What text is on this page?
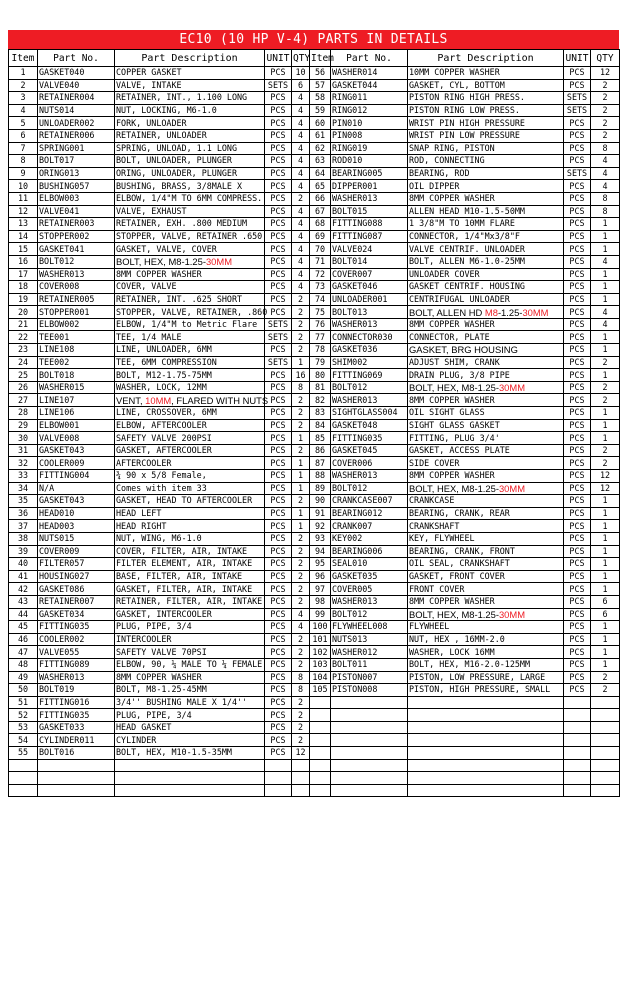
EC10 (10 HP V-4) PARTS IN DETAILS
Item	Part No.	Part Description	UNIT	QTY	Item	Part No.	Part Description	UNIT	QTY
1	GASKET040	COPPER GASKET	PCS	10	56	WASHER014	10MM COPPER WASHER	PCS	12
2	VALVE040	VALVE, INTAKE	SETS	6	57	GASKET044	GASKET, CYL, BOTTOM	PCS	2
3	RETAINER004	RETAINER, INT., 1.100 LONG	PCS	4	58	RING011	PISTON RING HIGH PRESS.	SETS	2
4	NUTS014	NUT, LOCKING, M6-1.0	PCS	4	59	RING012	PISTON RING LOW PRESS.	SETS	2
5	UNLOADER002	FORK, UNLOADER	PCS	4	60	PIN010	WRIST PIN HIGH PRESSURE	PCS	2
6	RETAINER006	RETAINER, UNLOADER	PCS	4	61	PIN008	WRIST PIN LOW PRESSURE	PCS	2
7	SPRING001	SPRING, UNLOAD, 1.1 LONG	PCS	4	62	RING019	SNAP RING, PISTON	PCS	8
8	BOLT017	BOLT, UNLOADER, PLUNGER	PCS	4	63	ROD010	ROD, CONNECTING	PCS	4
9	ORING013	ORING, UNLOADER, PLUNGER	PCS	4	64	BEARING005	BEARING, ROD	SETS	4
10	BUSHING057	BUSHING, BRASS, 3/8MALE X	PCS	4	65	DIPPER001	OIL DIPPER	PCS	4
11	ELBOW003	ELBOW, 1/4"M TO 6MM COMPRESS.	PCS	2	66	WASHER013	8MM COPPER WASHER	PCS	8
12	VALVE041	VALVE, EXHAUST	PCS	4	67	BOLT015	ALLEN HEAD M10-1.5-50MM	PCS	8
13	RETAINER003	RETAINER, EXH. .800 MEDIUM	PCS	4	68	FITTING088	1 3/8"M TO 10MM FLARE	PCS	1
14	STOPPER002	STOPPER, VALVE, RETAINER .650	PCS	4	69	FITTING087	CONNECTOR, 1/4"Mx3/8"F	PCS	1
15	GASKET041	GASKET, VALVE, COVER	PCS	4	70	VALVE024	VALVE CENTRIF. UNLOADER	PCS	1
16	BOLT012	BOLT, HEX, M8-1.25-30MM	PCS	4	71	BOLT014	BOLT, ALLEN M6-1.0-25MM	PCS	4
17	WASHER013	8MM COPPER WASHER	PCS	4	72	COVER007	UNLOADER COVER	PCS	1
18	COVER008	COVER, VALVE	PCS	4	73	GASKET046	GASKET CENTRIF. HOUSING	PCS	1
19	RETAINER005	RETAINER, INT. .625 SHORT	PCS	2	74	UNLOADER001	CENTRIFUGAL UNLOADER	PCS	1
20	STOPPER001	STOPPER, VALVE, RETAINER, .860	PCS	2	75	BOLT013	BOLT, ALLEN HD M8-1.25-30MM	PCS	4
21	ELBOW002	ELBOW, 1/4"M to Metric Flare	SETS	2	76	WASHER013	8MM COPPER WASHER	PCS	4
22	TEE001	TEE, 1/4 MALE	SETS	2	77	CONNECTOR030	CONNECTOR, PLATE	PCS	1
23	LINE108	LINE, UNLOADER, 6MM	PCS	2	78	GASKET036	GASKET, BRG HOUSING	PCS	1
24	TEE002	TEE, 6MM COMPRESSION	SETS	1	79	SHIM002	ADJUST SHIM, CRANK	PCS	2
25	BOLT018	BOLT, M12-1.75-75MM	PCS	16	80	FITTING069	DRAIN PLUG, 3/8 PIPE	PCS	1
26	WASHER015	WASHER, LOCK, 12MM	PCS	8	81	BOLT012	BOLT, HEX, M8-1.25-30MM	PCS	2
27	LINE107	VENT, 10MM, FLARED WITH NUTS	PCS	2	82	WASHER013	8MM COPPER WASHER	PCS	2
28	LINE106	LINE, CROSSOVER, 6MM	PCS	2	83	SIGHTGLASS004	OIL SIGHT GLASS	PCS	1
29	ELBOW001	ELBOW, AFTERCOOLER	PCS	2	84	GASKET048	SIGHT GLASS GASKET	PCS	1
30	VALVE008	SAFETY VALVE 200PSI	PCS	1	85	FITTING035	FITTING, PLUG 3/4'	PCS	1
31	GASKET043	GASKET, AFTERCOOLER	PCS	2	86	GASKET045	GASKET, ACCESS PLATE	PCS	2
32	COOLER009	AFTERCOOLER	PCS	1	87	COVER006	SIDE COVER	PCS	2
33	FITTING004	¾ 90 x 5/8 Female,	PCS	1	88	WASHER013	8MM COPPER WASHER	PCS	12
34	N/A	Comes with item 33	PCS	1	89	BOLT012	BOLT, HEX, M8-1.25-30MM	PCS	12
35	GASKET043	GASKET, HEAD TO AFTERCOOLER	PCS	2	90	CRANKCASE007	CRANKCASE	PCS	1
36	HEAD010	HEAD LEFT	PCS	1	91	BEARING012	BEARING, CRANK, REAR	PCS	1
37	HEAD003	HEAD RIGHT	PCS	1	92	CRANK007	CRANKSHAFT	PCS	1
38	NUTS015	NUT, WING, M6-1.0	PCS	2	93	KEY002	KEY, FLYWHEEL	PCS	1
39	COVER009	COVER, FILTER, AIR, INTAKE	PCS	2	94	BEARING006	BEARING, CRANK, FRONT	PCS	1
40	FILTER057	FILTER ELEMENT, AIR, INTAKE	PCS	2	95	SEAL010	OIL SEAL, CRANKSHAFT	PCS	1
41	HOUSING027	BASE, FILTER, AIR, INTAKE	PCS	2	96	GASKET035	GASKET, FRONT COVER	PCS	1
42	GASKET086	GASKET, FILTER, AIR, INTAKE	PCS	2	97	COVER005	FRONT COVER	PCS	1
43	RETAINER007	RETAINER, FILTER, AIR, INTAKE	PCS	2	98	WASHER013	8MM COPPER WASHER	PCS	6
44	GASKET034	GASKET, INTERCOOLER	PCS	4	99	BOLT012	BOLT, HEX, M8-1.25-30MM	PCS	6
45	FITTING035	PLUG, PIPE, 3/4	PCS	4	100	FLYWHEEL008	FLYWHEEL	PCS	1
46	COOLER002	INTERCOOLER	PCS	2	101	NUTS013	NUT, HEX , 16MM-2.0	PCS	1
47	VALVE055	SAFETY VALVE 70PSI	PCS	2	102	WASHER012	WASHER, LOCK 16MM	PCS	1
48	FITTING089	ELBOW, 90, ¼ MALE TO ¼ FEMALE	PCS	2	103	BOLT011	BOLT, HEX, M16-2.0-125MM	PCS	1
49	WASHER013	8MM COPPER WASHER	PCS	8	104	PISTON007	PISTON, LOW PRESSURE, LARGE	PCS	2
50	BOLT019	BOLT, M8-1.25-45MM	PCS	8	105	PISTON008	PISTON, HIGH PRESSURE, SMALL	PCS	2
51	FITTING016	3/4'' BUSHING MALE X 1/4''	PCS	2					
52	FITTING035	PLUG, PIPE, 3/4	PCS	2					
53	GASKET033	HEAD GASKET	PCS	2					
54	CYLINDER011	CYLINDER	PCS	2					
55	BOLT016	BOLT, HEX, M10-1.5-35MM	PCS	12					
